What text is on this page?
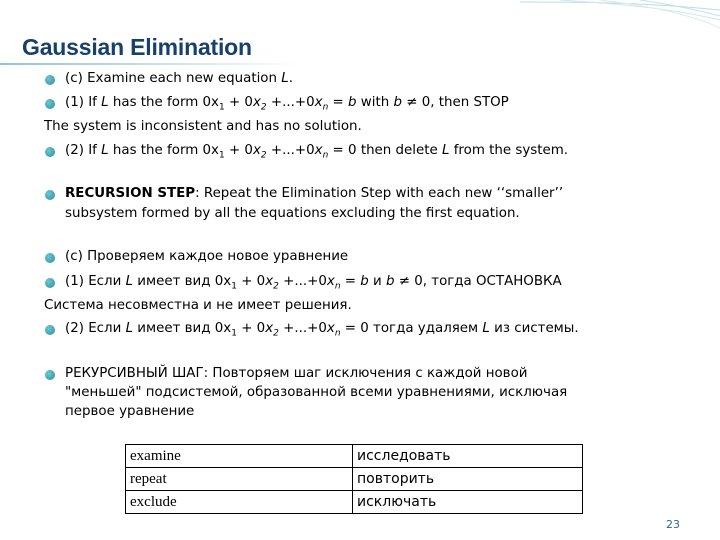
Gaussian Elimination
(c) Examine each new equation L.
(1) If L has the form $0x_1 + 0x_2 +...+0x_n = b$ with b ≠ 0, then STOP
The system is inconsistent and has no solution.
(2) If L has the form $0x_1 + 0x_2 +...+0x_n = 0$ then delete L from the system.
RECURSION STEP: Repeat the Elimination Step with each new ‘‘smaller’’
subsystem formed by all the equations excluding the first equation.
(c) Проверяем каждое новое уравнение
(1) Если L имеет вид $0x_1 + 0x_2 +...+0x_n = b$ и b ≠ 0, тогда ОСТАНОВКА
Система несовместна и не имеет решения.
(2) Если L имеет вид $0x_1 + 0x_2 +...+0x_n = 0$ тогда удаляем L из системы.
РЕКУРСИВНЫЙ ШАГ: Повторяем шаг исключения с каждой новой
"меньшей" подсистемой, образованной всеми уравнениями, исключая
первое уравнение
examine	исследовать
repeat	повторить
exclude	исключать
23
